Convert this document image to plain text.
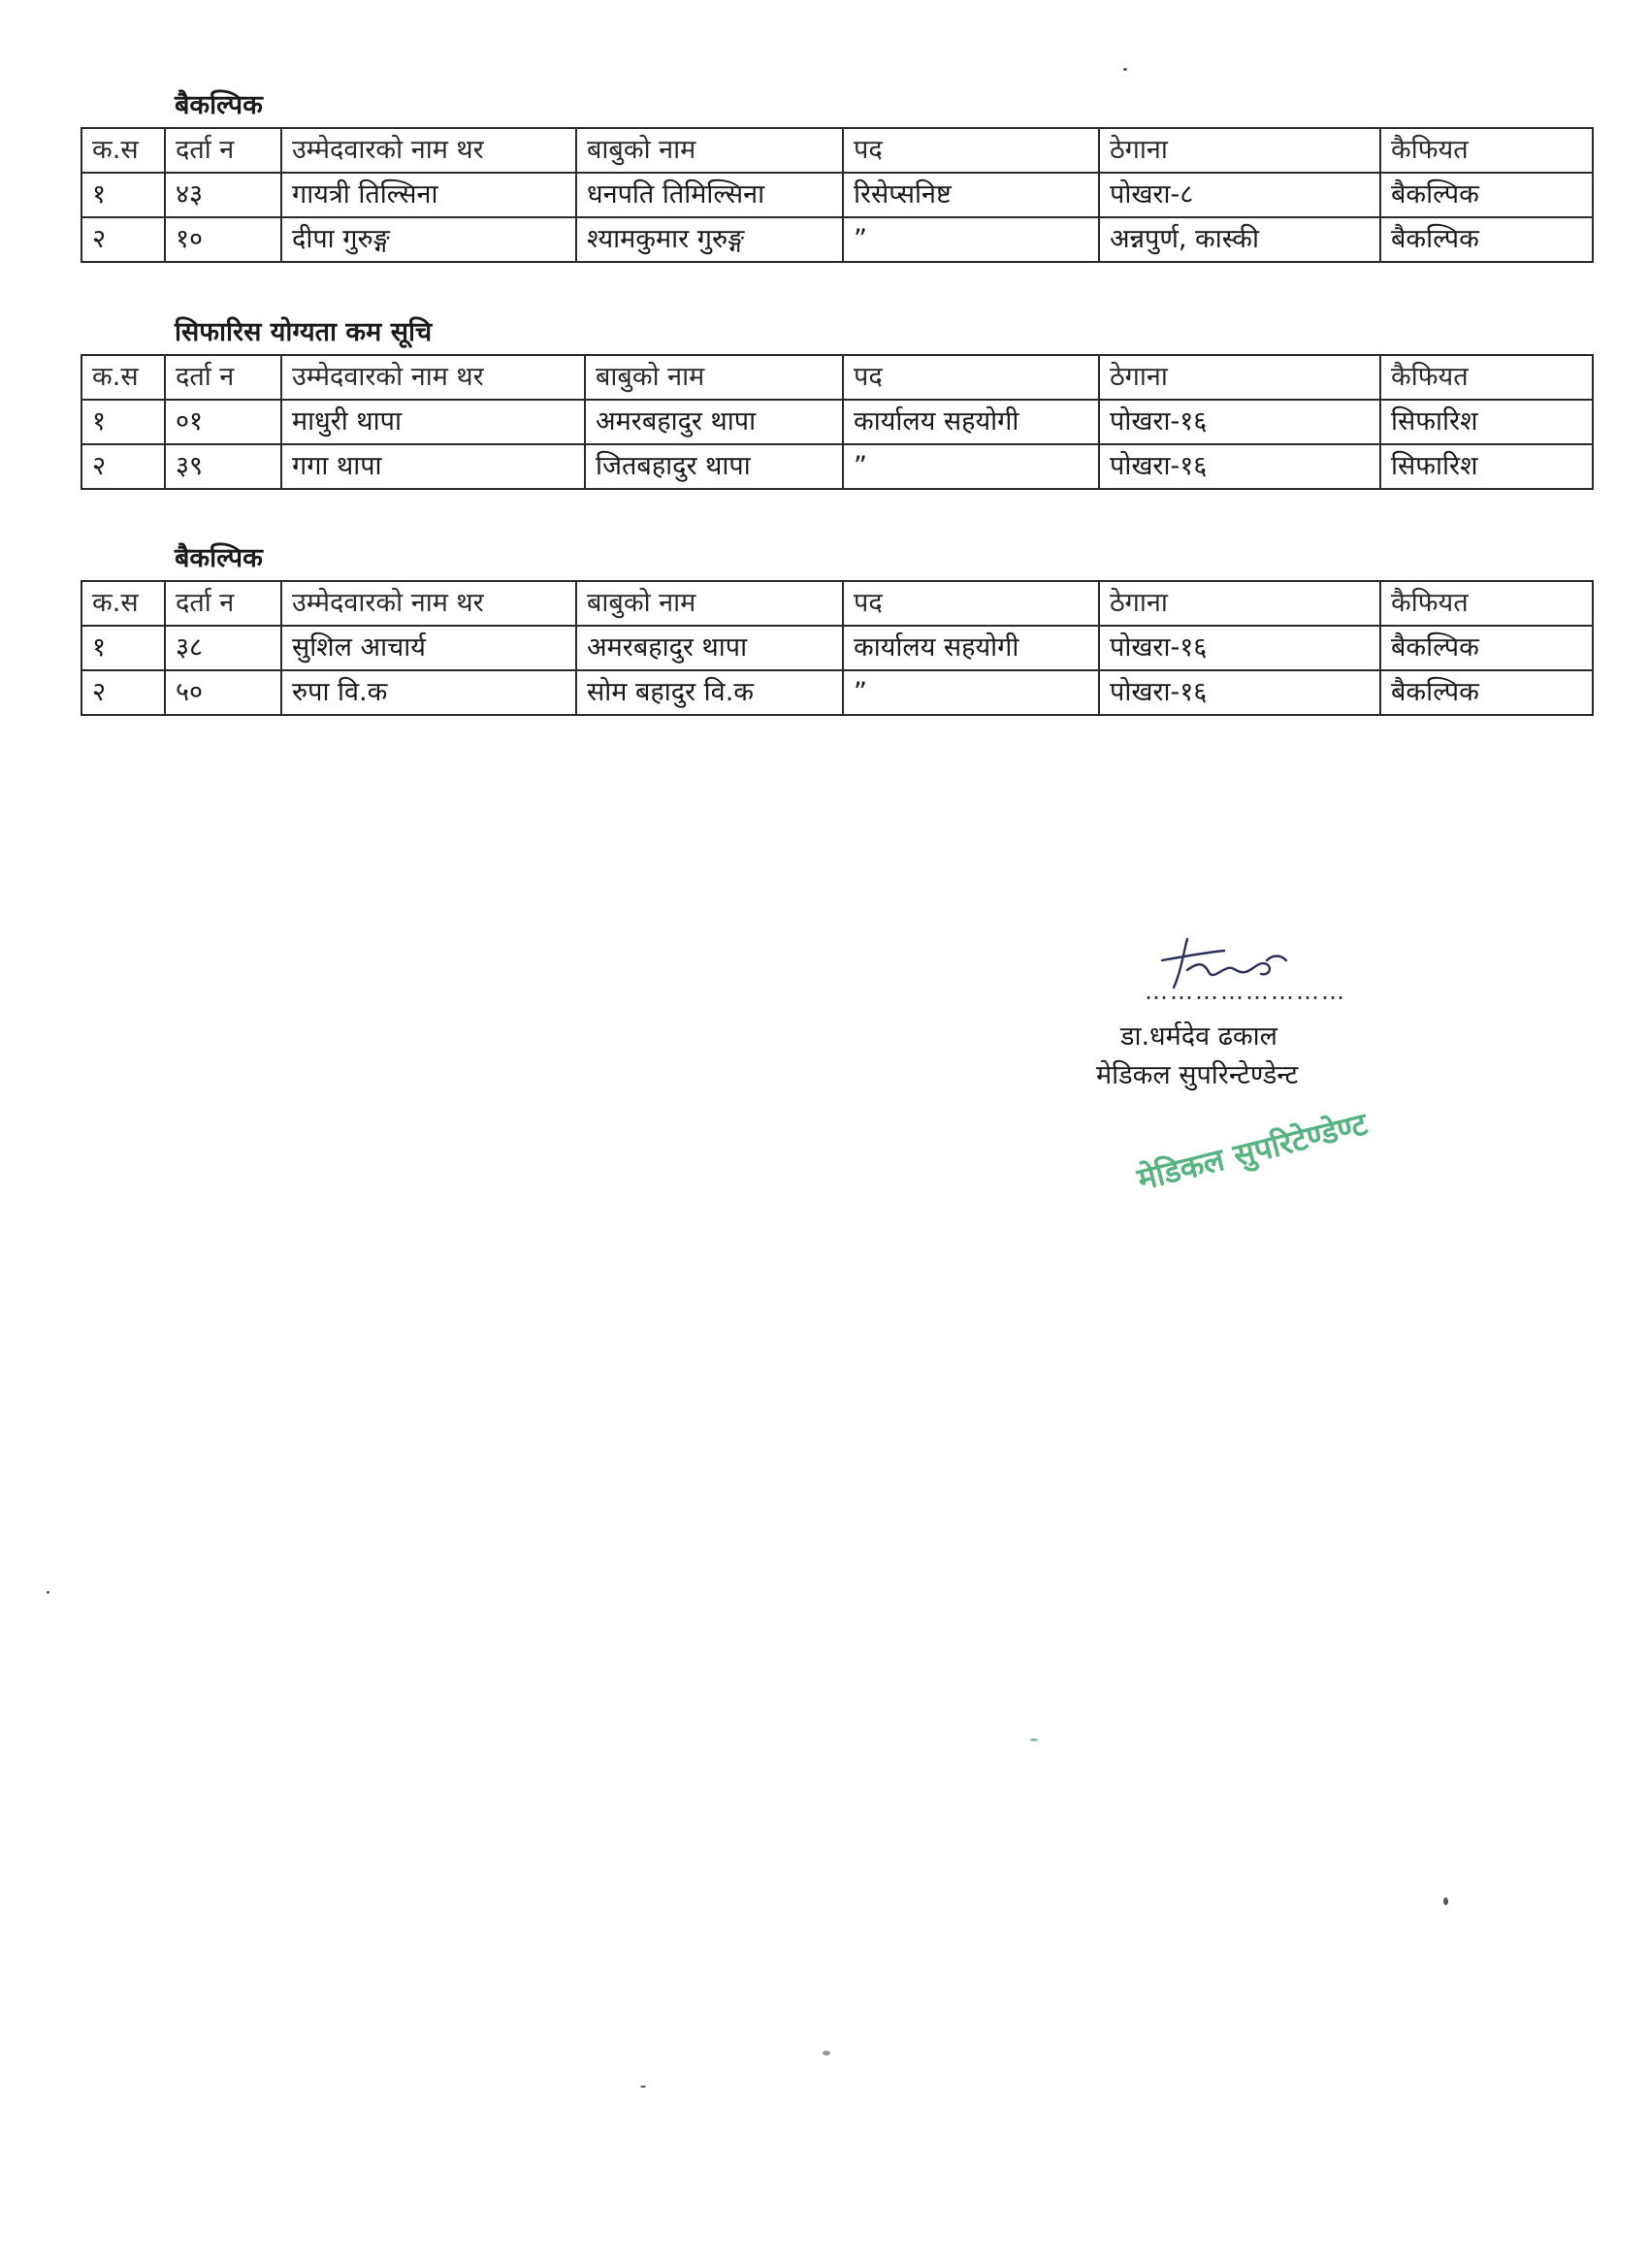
बैकल्पिक
क.स	दर्ता न	उम्मेदवारको नाम थर	बाबुको नाम	पद	ठेगाना	कैफियत
१	४३	गायत्री तिल्सिना	धनपति तिमिल्सिना	रिसेप्सनिष्ट	पोखरा-८	बैकल्पिक
२	१०	दीपा गुरुङ्ग	श्यामकुमार गुरुङ्ग	”	अन्नपुर्ण, कास्की	बैकल्पिक
सिफारिस योग्यता कम सूचि
क.स	दर्ता न	उम्मेदवारको नाम थर	बाबुको नाम	पद	ठेगाना	कैफियत
१	०१	माधुरी थापा	अमरबहादुर थापा	कार्यालय सहयोगी	पोखरा-१६	सिफारिश
२	३९	गगा थापा	जितबहादुर थापा	”	पोखरा-१६	सिफारिश
बैकल्पिक
क.स	दर्ता न	उम्मेदवारको नाम थर	बाबुको नाम	पद	ठेगाना	कैफियत
१	३८	सुशिल आचार्य	अमरबहादुर थापा	कार्यालय सहयोगी	पोखरा-१६	बैकल्पिक
२	५०	रुपा वि.क	सोम बहादुर वि.क	”	पोखरा-१६	बैकल्पिक
……………………
डा.धर्मदेव ढकाल
मेडिकल सुपरिन्टेण्डेन्ट
मेडिकल सुपरिटेण्डेण्ट
